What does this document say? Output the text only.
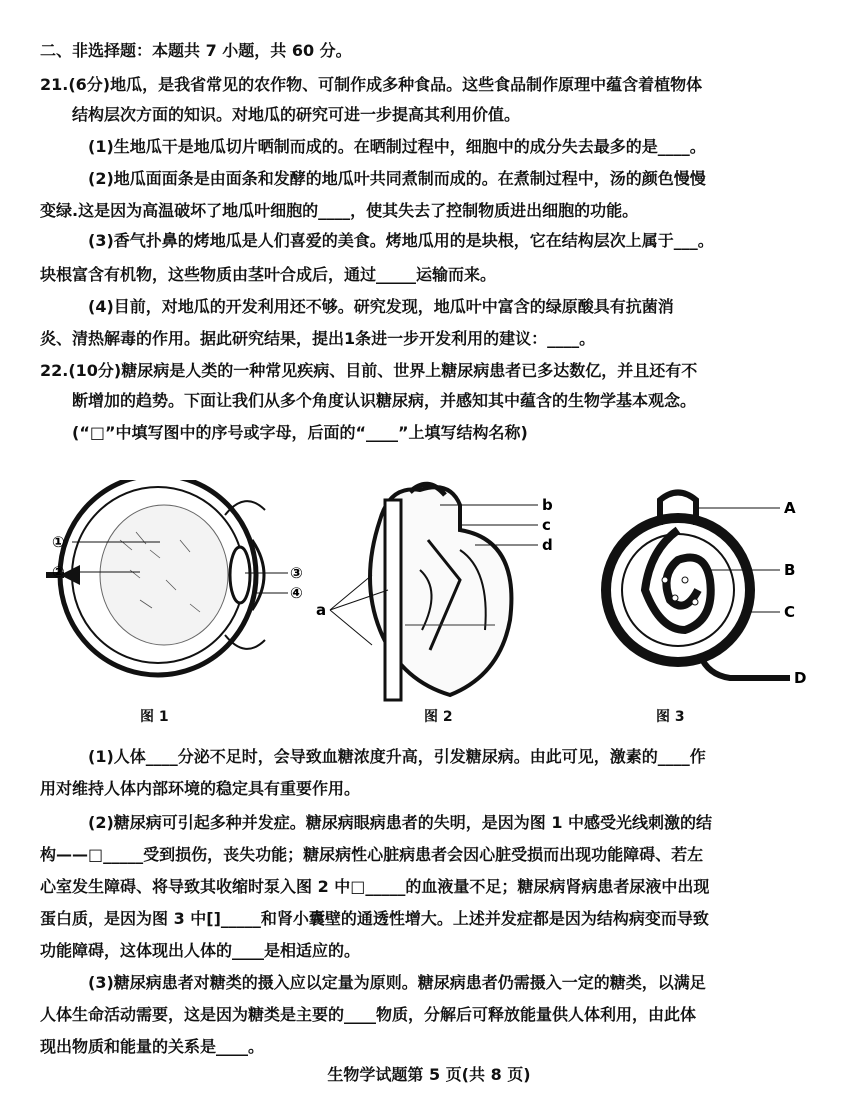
二、非选择题：本题共 7 小题，共 60 分。
21.(6分)地瓜，是我省常见的农作物、可制作成多种食品。这些食品制作原理中蕴含着植物体
结构层次方面的知识。对地瓜的研究可进一步提高其利用价值。
(1)生地瓜干是地瓜切片晒制而成的。在晒制过程中，细胞中的成分失去最多的是____。
(2)地瓜面面条是由面条和发酵的地瓜叶共同煮制而成的。在煮制过程中，汤的颜色慢慢
变绿.这是因为高温破坏了地瓜叶细胞的____，使其失去了控制物质进出细胞的功能。
(3)香气扑鼻的烤地瓜是人们喜爱的美食。烤地瓜用的是块根，它在结构层次上属于___。
块根富含有机物，这些物质由茎叶合成后，通过_____运输而来。
(4)目前，对地瓜的开发利用还不够。研究发现，地瓜叶中富含的绿原酸具有抗菌消
炎、清热解毒的作用。据此研究结果，提出1条进一步开发利用的建议：____。
22.(10分)糖尿病是人类的一种常见疾病、目前、世界上糖尿病患者已多达数亿，并且还有不
断增加的趋势。下面让我们从多个角度认识糖尿病，并感知其中蕴含的生物学基本观念。
(“□”中填写图中的序号或字母，后面的“____”上填写结构名称)
①
②	③
④
图 1
a
b
c
d
图 2
A
B
C
D
图 3
(1)人体____分泌不足时，会导致血糖浓度升高，引发糖尿病。由此可见，激素的____作
用对维持人体内部环境的稳定具有重要作用。
(2)糖尿病可引起多种并发症。糖尿病眼病患者的失明，是因为图 1 中感受光线刺激的结
构——□_____受到损伤，丧失功能；糖尿病性心脏病患者会因心脏受损而出现功能障碍、若左
心室发生障碍、将导致其收缩时泵入图 2 中□_____的血液量不足；糖尿病肾病患者尿液中出现
蛋白质，是因为图 3 中[]_____和肾小囊壁的通透性增大。上述并发症都是因为结构病变而导致
功能障碍，这体现出人体的____是相适应的。
(3)糖尿病患者对糖类的摄入应以定量为原则。糖尿病患者仍需摄入一定的糖类，以满足
人体生命活动需要，这是因为糖类是主要的____物质，分解后可释放能量供人体利用，由此体
现出物质和能量的关系是____。
生物学试题第 5 页(共 8 页)
